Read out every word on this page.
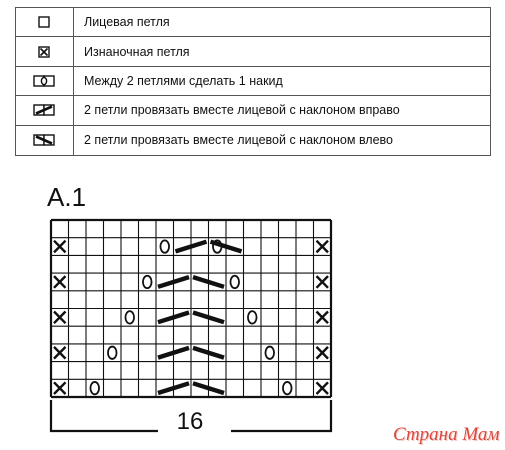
Лицевая петля
Изнаночная петля
Между 2 петлями сделать 1 накид
2 петли провязать вместе лицевой с наклоном вправо
2 петли провязать вместе лицевой с наклоном влево
A.1
16	Страна Мам
